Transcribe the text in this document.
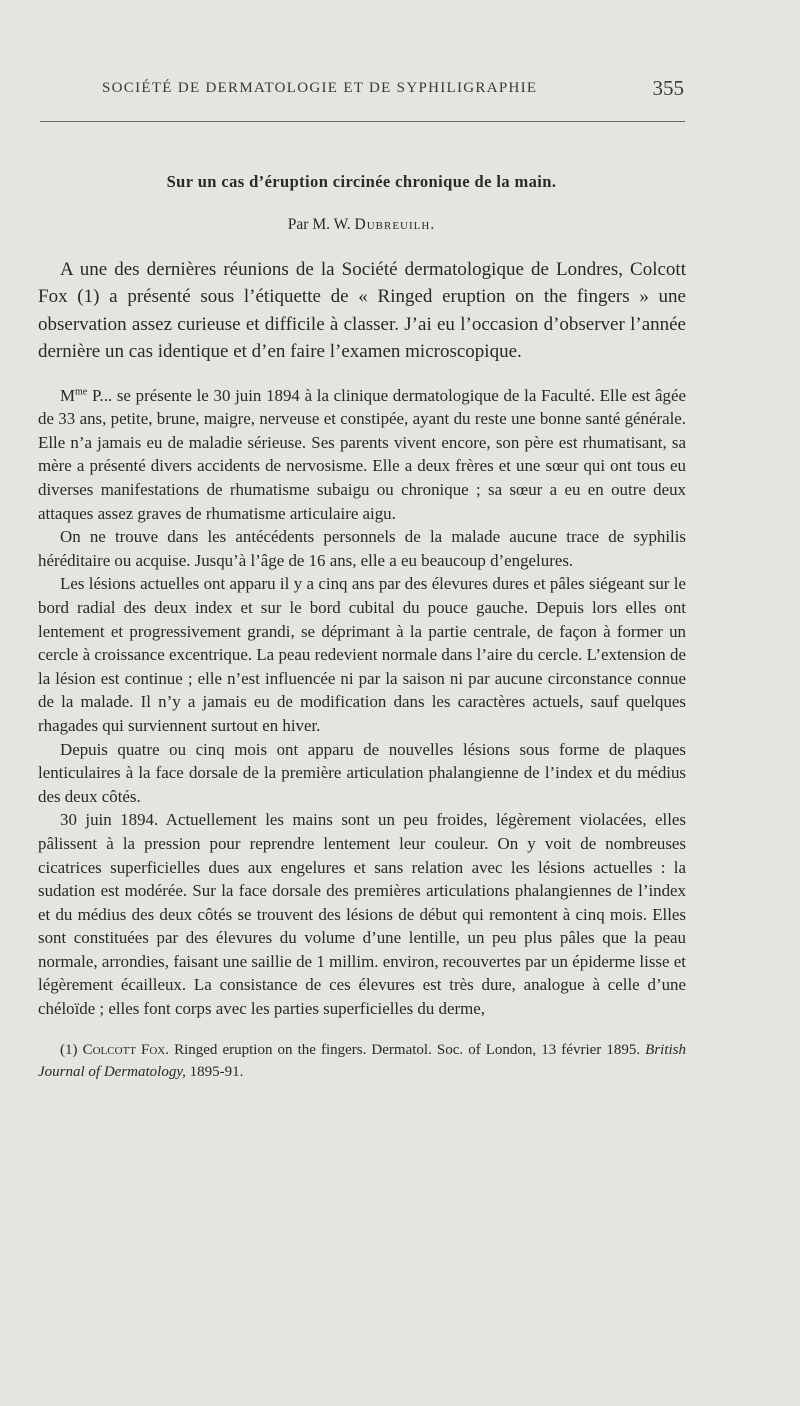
SOCIÉTÉ DE DERMATOLOGIE ET DE SYPHILIGRAPHIE	355
Sur un cas d’éruption circinée chronique de la main.
Par M. W. Dubreuilh.

A une des dernières réunions de la Société dermatologique de Londres, Colcott Fox (1) a présenté sous l’étiquette de « Ringed eruption on the fingers » une observation assez curieuse et difficile à classer. J’ai eu l’occasion d’observer l’année dernière un cas identique et d’en faire l’examen microscopique.

$M^{me}$ P... se présente le 30 juin 1894 à la clinique dermatologique de la Faculté. Elle est âgée de 33 ans, petite, brune, maigre, nerveuse et constipée, ayant du reste une bonne santé générale. Elle n’a jamais eu de maladie sérieuse. Ses parents vivent encore, son père est rhumatisant, sa mère a présenté divers accidents de nervosisme. Elle a deux frères et une sœur qui ont tous eu diverses manifestations de rhumatisme subaigu ou chronique ; sa sœur a eu en outre deux attaques assez graves de rhumatisme articulaire aigu.

On ne trouve dans les antécédents personnels de la malade aucune trace de syphilis héréditaire ou acquise. Jusqu’à l’âge de 16 ans, elle a eu beaucoup d’engelures.

Les lésions actuelles ont apparu il y a cinq ans par des élevures dures et pâles siégeant sur le bord radial des deux index et sur le bord cubital du pouce gauche. Depuis lors elles ont lentement et progressivement grandi, se déprimant à la partie centrale, de façon à former un cercle à croissance excentrique. La peau redevient normale dans l’aire du cercle. L’extension de la lésion est continue ; elle n’est influencée ni par la saison ni par aucune circonstance connue de la malade. Il n’y a jamais eu de modification dans les caractères actuels, sauf quelques rhagades qui surviennent surtout en hiver.

Depuis quatre ou cinq mois ont apparu de nouvelles lésions sous forme de plaques lenticulaires à la face dorsale de la première articulation phalangienne de l’index et du médius des deux côtés.

30 juin 1894. Actuellement les mains sont un peu froides, légèrement violacées, elles pâlissent à la pression pour reprendre lentement leur couleur. On y voit de nombreuses cicatrices superficielles dues aux engelures et sans relation avec les lésions actuelles : la sudation est modérée. Sur la face dorsale des premières articulations phalangiennes de l’index et du médius des deux côtés se trouvent des lésions de début qui remontent à cinq mois. Elles sont constituées par des élevures du volume d’une lentille, un peu plus pâles que la peau normale, arrondies, faisant une saillie de 1 millim. environ, recouvertes par un épiderme lisse et légèrement écailleux. La consistance de ces élevures est très dure, analogue à celle d’une chéloïde ; elles font corps avec les parties superficielles du derme,

(1) Colcott Fox. Ringed eruption on the fingers. Dermatol. Soc. of London, 13 février 1895. British Journal of Dermatology, 1895-91.
